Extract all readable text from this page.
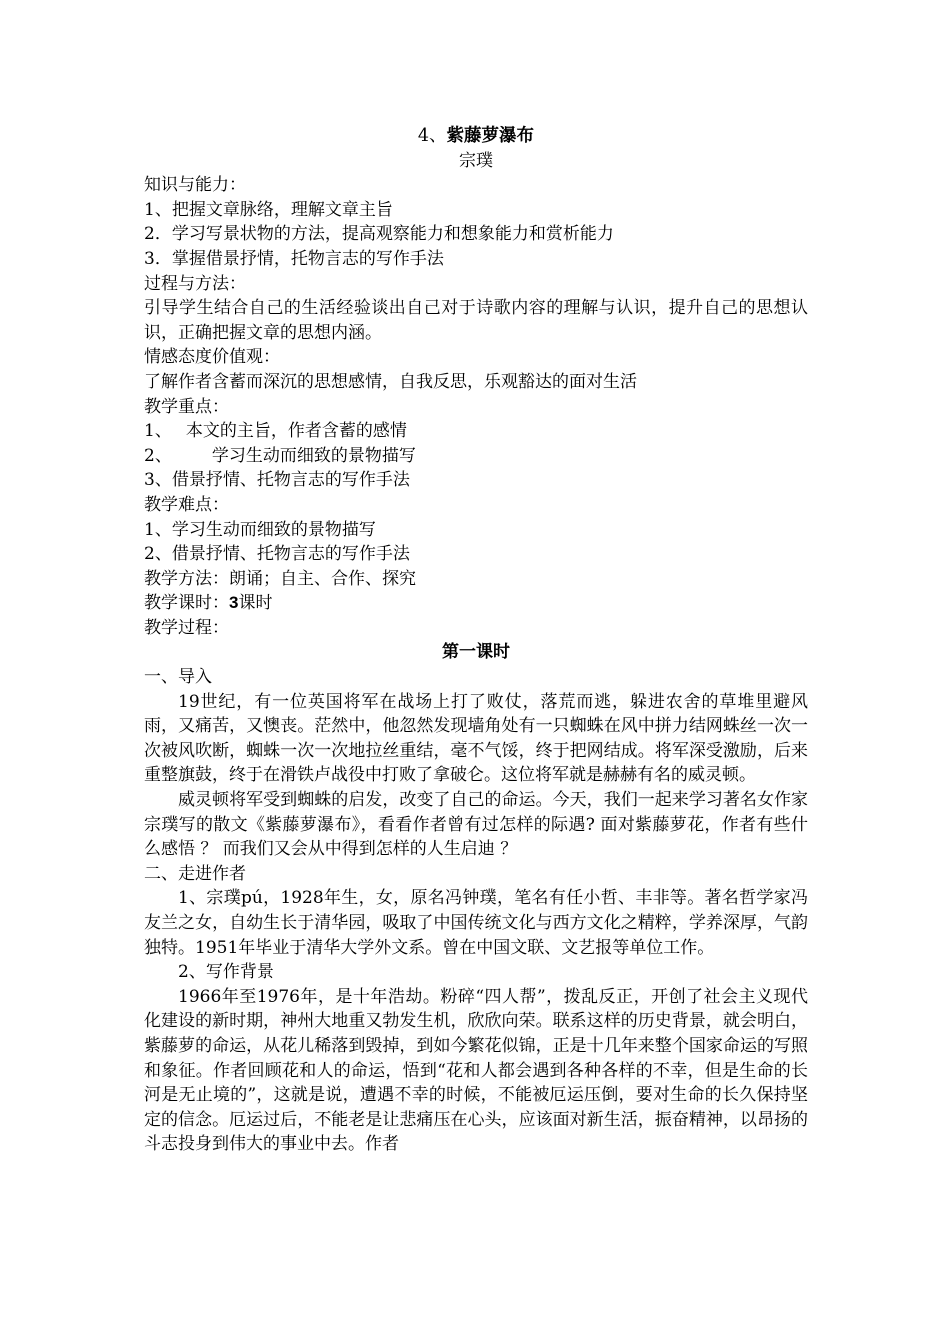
4、紫藤萝瀑布
宗璞
知识与能力：
1、把握文章脉络，理解文章主旨
2．学习写景状物的方法，提高观察能力和想象能力和赏析能力
3．掌握借景抒情，托物言志的写作手法
过程与方法：
引导学生结合自己的生活经验谈出自己对于诗歌内容的理解与认识，提升自己的思想认识，正确把握文章的思想内涵。
情感态度价值观：
了解作者含蓄而深沉的思想感情，自我反思，乐观豁达的面对生活
教学重点：
1、 本文的主旨，作者含蓄的感情
2、 学习生动而细致的景物描写
3、借景抒情、托物言志的写作手法
教学难点：
1、学习生动而细致的景物描写
2、借景抒情、托物言志的写作手法
教学方法：朗诵；自主、合作、探究
教学课时：3课时
教学过程：
第一课时
一、导入
19世纪，有一位英国将军在战场上打了败仗，落荒而逃，躲进农舍的草堆里避风雨，又痛苦，又懊丧。茫然中，他忽然发现墙角处有一只蜘蛛在风中拼力结网蛛丝一次一次被风吹断，蜘蛛一次一次地拉丝重结，毫不气馁，终于把网结成。将军深受激励，后来重整旗鼓，终于在滑铁卢战役中打败了拿破仑。这位将军就是赫赫有名的威灵顿。
威灵顿将军受到蜘蛛的启发，改变了自己的命运。今天，我们一起来学习著名女作家宗璞写的散文《紫藤萝瀑布》，看看作者曾有过怎样的际遇? 面对紫藤萝花，作者有些什么感悟 ？ 而我们又会从中得到怎样的人生启迪 ？
二、走进作者
1、宗璞pú，1928年生，女，原名冯钟璞，笔名有任小哲、丰非等。著名哲学家冯友兰之女，自幼生长于清华园，吸取了中国传统文化与西方文化之精粹，学养深厚，气韵独特。1951年毕业于清华大学外文系。曾在中国文联、文艺报等单位工作。
2、写作背景
1966年至1976年，是十年浩劫。粉碎“四人帮”，拨乱反正，开创了社会主义现代化建设的新时期，神州大地重又勃发生机，欣欣向荣。联系这样的历史背景，就会明白，紫藤萝的命运，从花儿稀落到毁掉，到如今繁花似锦，正是十几年来整个国家命运的写照和象征。作者回顾花和人的命运，悟到“花和人都会遇到各种各样的不幸，但是生命的长河是无止境的”，这就是说，遭遇不幸的时候，不能被厄运压倒，要对生命的长久保持坚定的信念。厄运过后，不能老是让悲痛压在心头，应该面对新生活，振奋精神，以昂扬的斗志投身到伟大的事业中去。作者
